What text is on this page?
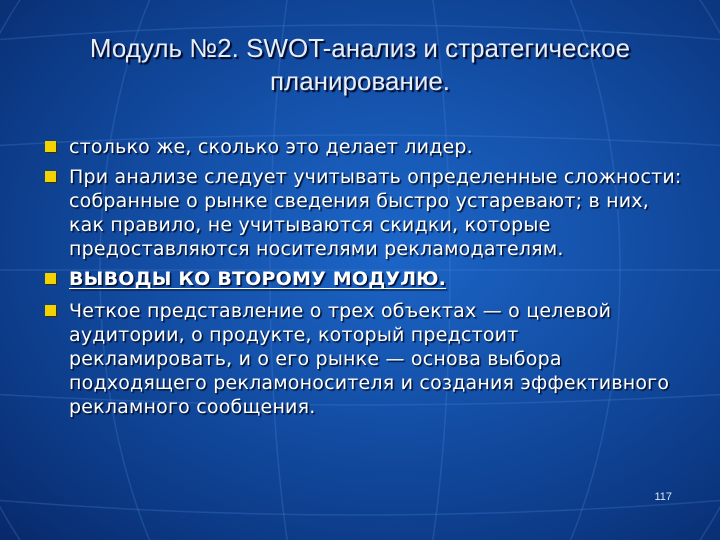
Модуль №2. SWOT-анализ и стратегическое
планирование.
столько же, сколько это делает лидер.
При анализе следует учитывать определенные сложности: собранные о рынке сведения быстро устаревают; в них, как правило, не учитываются скидки, которые предоставляются носителями рекламодателям.
ВЫВОДЫ КО ВТОРОМУ МОДУЛЮ.
Четкое представление о трех объектах — о целевой аудитории, о продукте, который предстоит рекламировать, и о его рынке — основа выбора подходящего рекламоносителя и создания эффективного рекламного сообщения.
117
